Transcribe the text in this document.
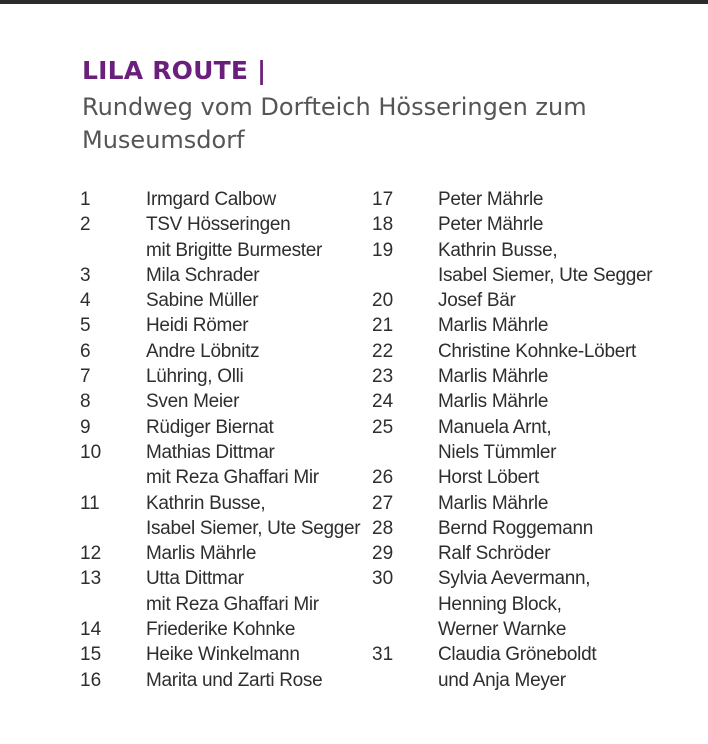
LILA ROUTE |
Rundweg vom Dorfteich Hösseringen zum Museumsdorf
1	Irmgard Calbow
2	TSV Hösseringen
mit Brigitte Burmester
3	Mila Schrader
4	Sabine Müller
5	Heidi Römer
6	Andre Löbnitz
7	Lühring, Olli
8	Sven Meier
9	Rüdiger Biernat
10	Mathias Dittmar
mit Reza Ghaffari Mir
11	Kathrin Busse,
Isabel Siemer, Ute Segger
12	Marlis Mährle
13	Utta Dittmar
mit Reza Ghaffari Mir
14	Friederike Kohnke
15	Heike Winkelmann
16	Marita und Zarti Rose
17	Peter Mährle
18	Peter Mährle
19	Kathrin Busse,
Isabel Siemer, Ute Segger
20	Josef Bär
21	Marlis Mährle
22	Christine Kohnke-Löbert
23	Marlis Mährle
24	Marlis Mährle
25	Manuela Arnt,
Niels Tümmler
26	Horst Löbert
27	Marlis Mährle
28	Bernd Roggemann
29	Ralf Schröder
30	Sylvia Aevermann,
Henning Block,
Werner Warnke
31	Claudia Gröneboldt
und Anja Meyer
